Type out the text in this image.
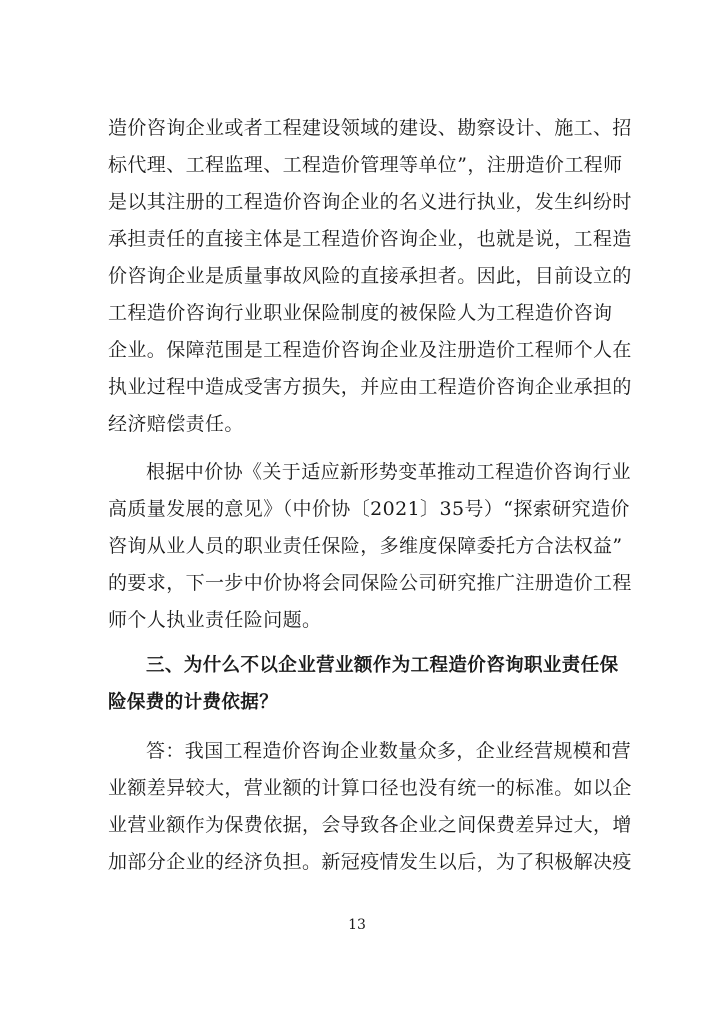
造价咨询企业或者工程建设领域的建设、勘察设计、施工、招
标代理、工程监理、工程造价管理等单位”，注册造价工程师
是以其注册的工程造价咨询企业的名义进行执业，发生纠纷时
承担责任的直接主体是工程造价咨询企业，也就是说，工程造
价咨询企业是质量事故风险的直接承担者。因此，目前设立的
工程造价咨询行业职业保险制度的被保险人为工程造价咨询
企业。保障范围是工程造价咨询企业及注册造价工程师个人在
执业过程中造成受害方损失，并应由工程造价咨询企业承担的
经济赔偿责任。
根据中价协《关于适应新形势变革推动工程造价咨询行业
高质量发展的意见》（中价协〔2021〕35号）“探索研究造价
咨询从业人员的职业责任保险，多维度保障委托方合法权益”
的要求，下一步中价协将会同保险公司研究推广注册造价工程
师个人执业责任险问题。
三、为什么不以企业营业额作为工程造价咨询职业责任保
险保费的计费依据？
答：我国工程造价咨询企业数量众多，企业经营规模和营
业额差异较大，营业额的计算口径也没有统一的标准。如以企
业营业额作为保费依据，会导致各企业之间保费差异过大，增
加部分企业的经济负担。新冠疫情发生以后，为了积极解决疫
13
